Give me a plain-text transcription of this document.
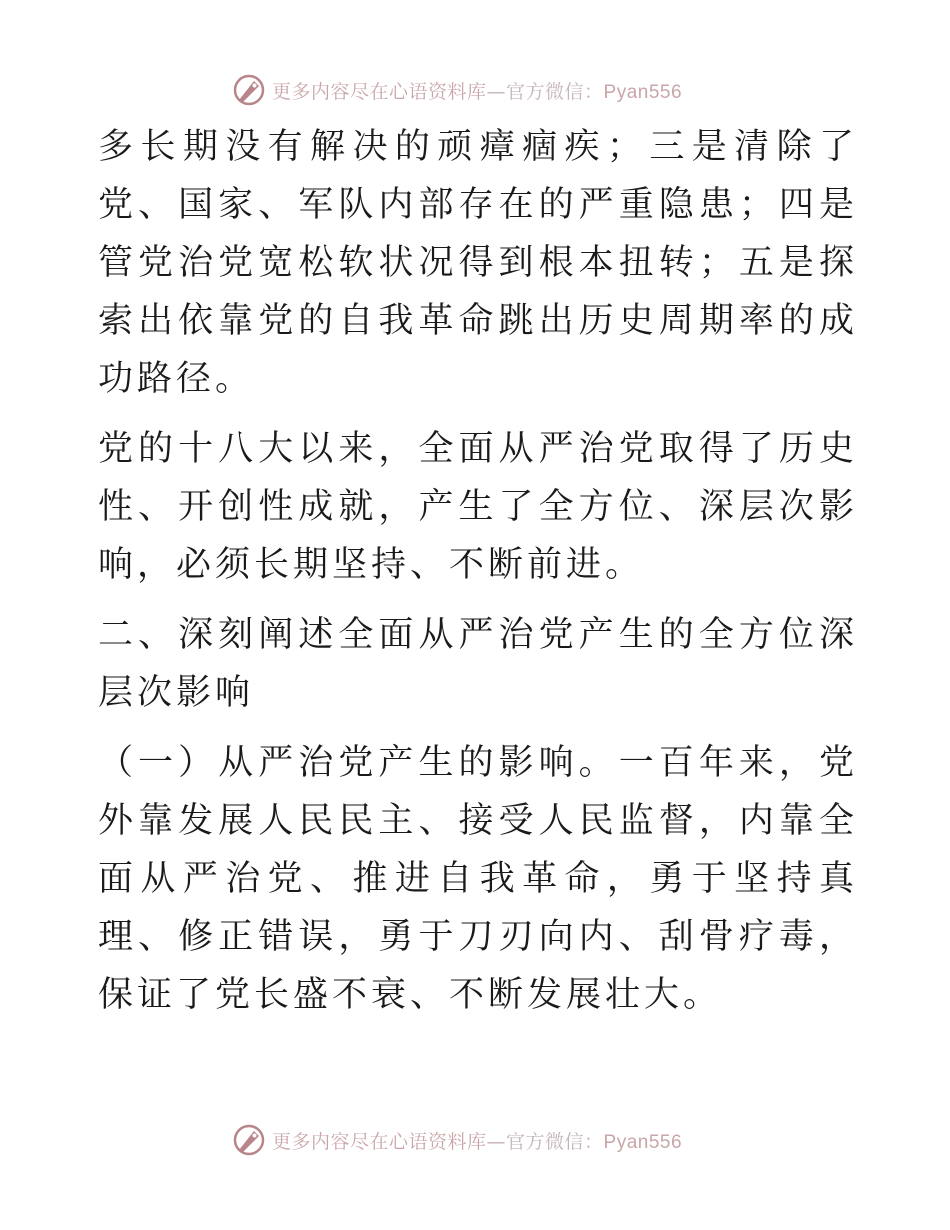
更多内容尽在心语资料库—官方微信：Pyan556

多长期没有解决的顽瘴痼疾；三是清除了党、国家、军队内部存在的严重隐患；四是管党治党宽松软状况得到根本扭转；五是探索出依靠党的自我革命跳出历史周期率的成功路径。

党的十八大以来，全面从严治党取得了历史性、开创性成就，产生了全方位、深层次影响，必须长期坚持、不断前进。

二、深刻阐述全面从严治党产生的全方位深层次影响

（一）从严治党产生的影响。一百年来，党外靠发展人民民主、接受人民监督，内靠全面从严治党、推进自我革命，勇于坚持真理、修正错误，勇于刀刃向内、刮骨疗毒，保证了党长盛不衰、不断发展壮大。

更多内容尽在心语资料库—官方微信：Pyan556
